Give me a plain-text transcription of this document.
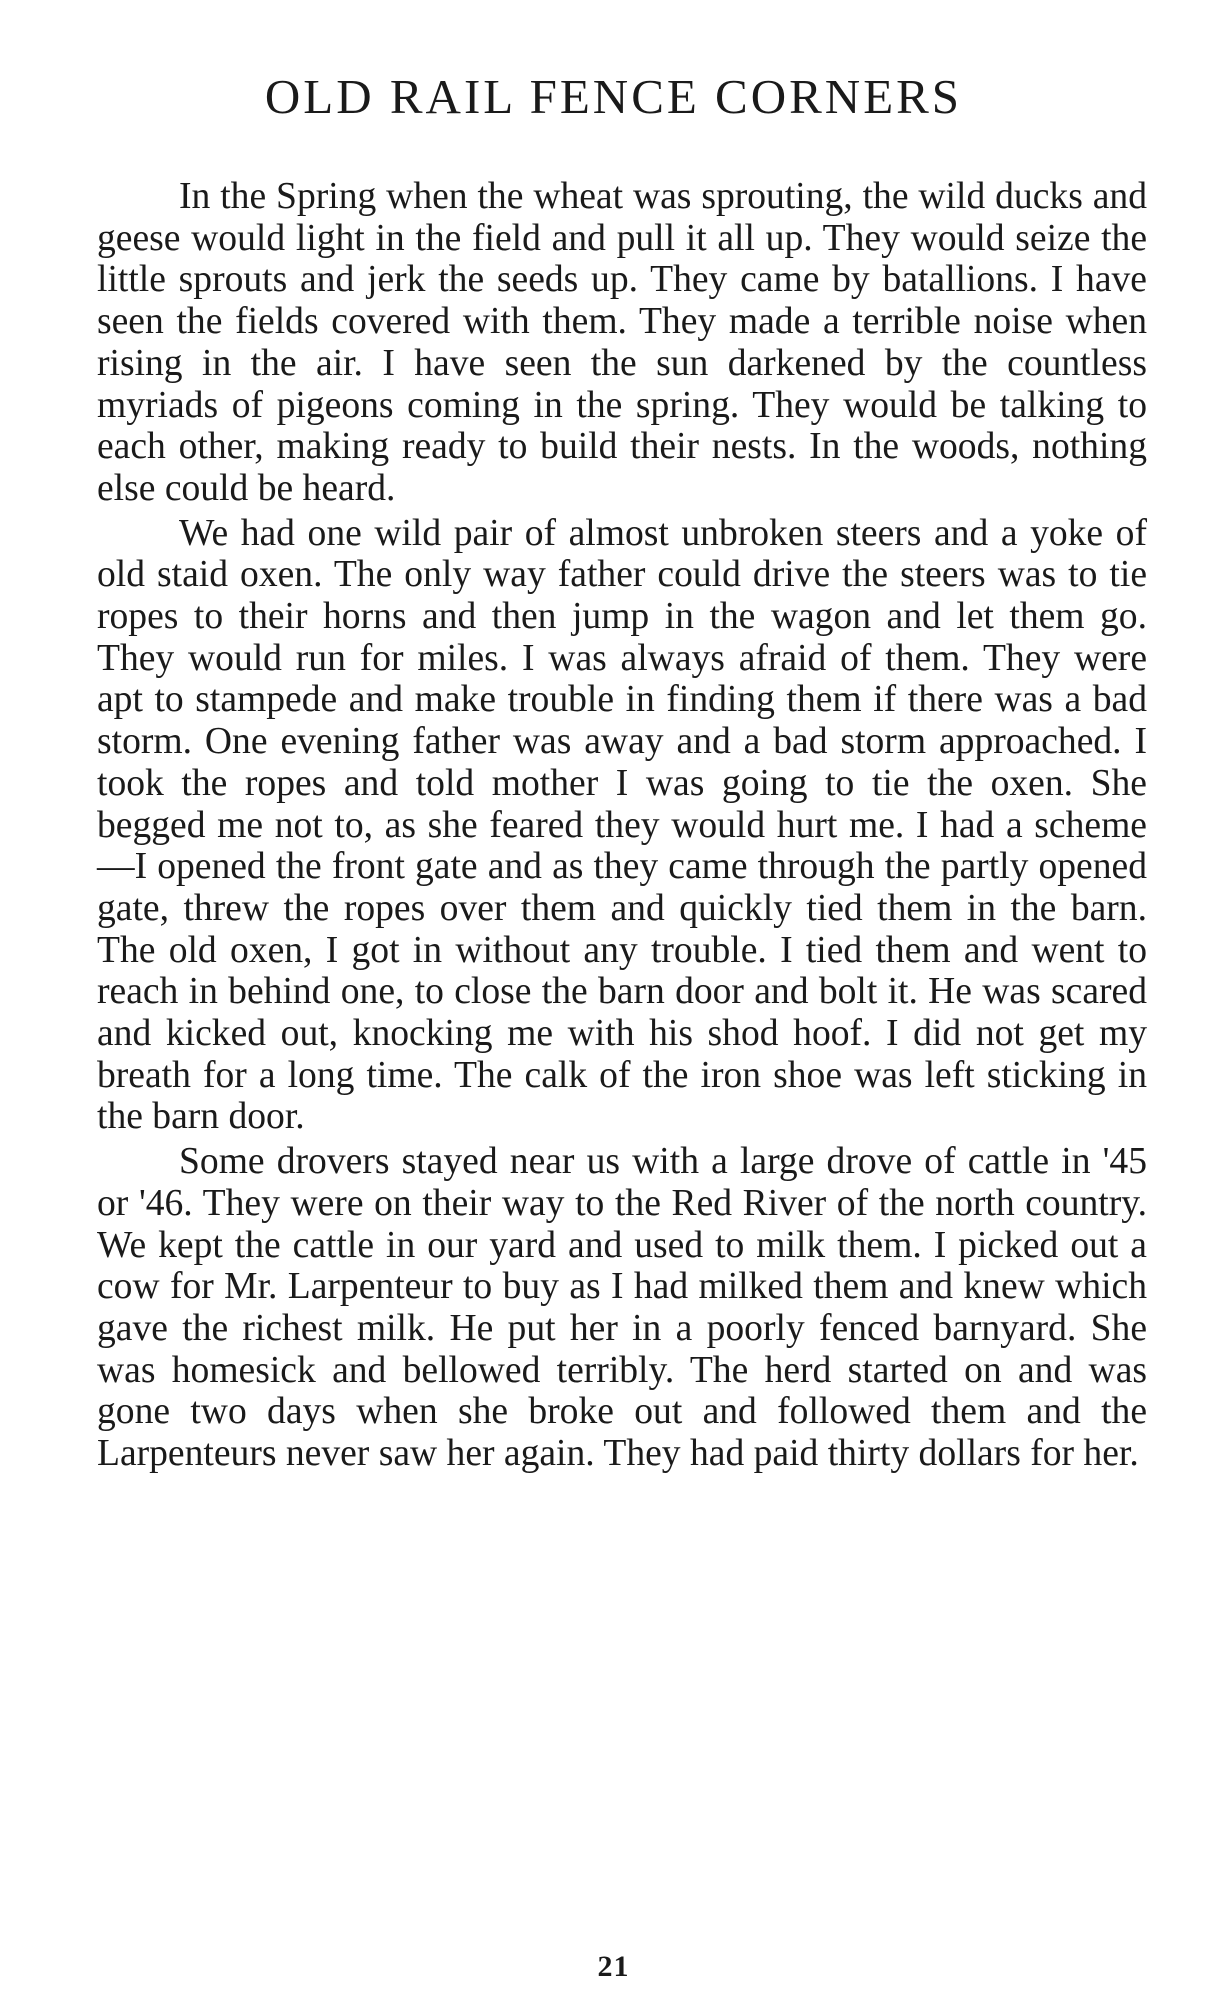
OLD RAIL FENCE CORNERS

In the Spring when the wheat was sprouting, the wild ducks and geese would light in the field and pull it all up. They would seize the little sprouts and jerk the seeds up. They came by batallions. I have seen the fields covered with them. They made a terrible noise when rising in the air. I have seen the sun darkened by the countless myriads of pigeons coming in the spring. They would be talking to each other, making ready to build their nests. In the woods, nothing else could be heard.

We had one wild pair of almost unbroken steers and a yoke of old staid oxen. The only way father could drive the steers was to tie ropes to their horns and then jump in the wagon and let them go. They would run for miles. I was always afraid of them. They were apt to stampede and make trouble in finding them if there was a bad storm. One evening father was away and a bad storm approached. I took the ropes and told mother I was going to tie the oxen. She begged me not to, as she feared they would hurt me. I had a scheme—I opened the front gate and as they came through the partly opened gate, threw the ropes over them and quickly tied them in the barn. The old oxen, I got in without any trouble. I tied them and went to reach in behind one, to close the barn door and bolt it. He was scared and kicked out, knocking me with his shod hoof. I did not get my breath for a long time. The calk of the iron shoe was left sticking in the barn door.

Some drovers stayed near us with a large drove of cattle in '45 or '46. They were on their way to the Red River of the north country. We kept the cattle in our yard and used to milk them. I picked out a cow for Mr. Larpenteur to buy as I had milked them and knew which gave the richest milk. He put her in a poorly fenced barnyard. She was homesick and bellowed terribly. The herd started on and was gone two days when she broke out and followed them and the Larpenteurs never saw her again. They had paid thirty dollars for her.

21
